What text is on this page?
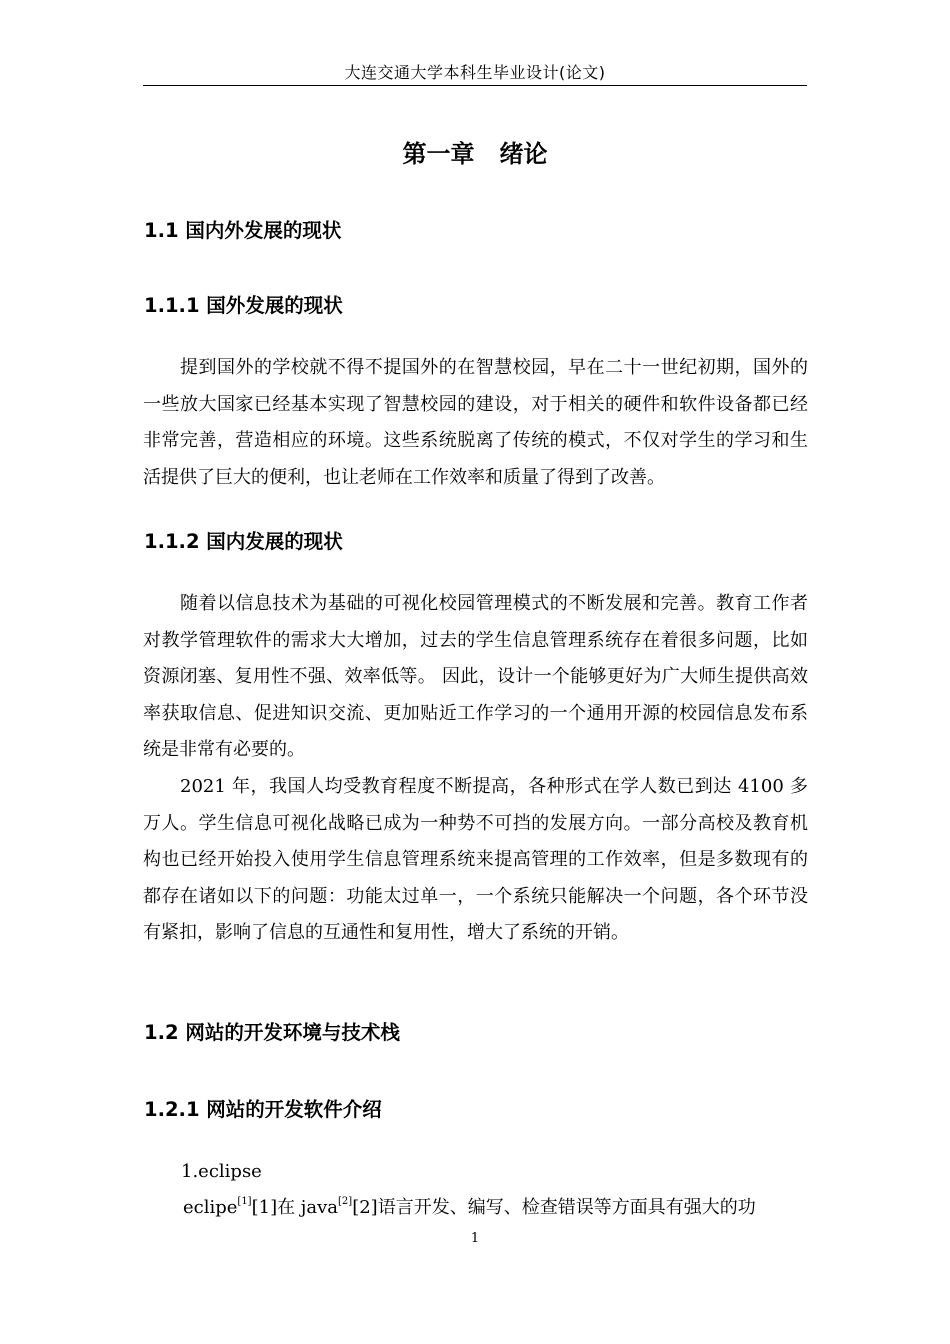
大连交通大学本科生毕业设计(论文)
第一章   绪论
1.1 国内外发展的现状
1.1.1 国外发展的现状

提到国外的学校就不得不提国外的在智慧校园，早在二十一世纪初期，国外的一些放大国家已经基本实现了智慧校园的建设，对于相关的硬件和软件设备都已经非常完善，营造相应的环境。这些系统脱离了传统的模式，不仅对学生的学习和生活提供了巨大的便利，也让老师在工作效率和质量了得到了改善。

1.1.2 国内发展的现状

随着以信息技术为基础的可视化校园管理模式的不断发展和完善。教育工作者对教学管理软件的需求大大增加，过去的学生信息管理系统存在着很多问题，比如资源闭塞、复用性不强、效率低等。 因此，设计一个能够更好为广大师生提供高效率获取信息、促进知识交流、更加贴近工作学习的一个通用开源的校园信息发布系统是非常有必要的。

2021 年，我国人均受教育程度不断提高，各种形式在学人数已到达 4100 多万人。学生信息可视化战略已成为一种势不可挡的发展方向。一部分高校及教育机构也已经开始投入使用学生信息管理系统来提高管理的工作效率，但是多数现有的都存在诸如以下的问题：功能太过单一，一个系统只能解决一个问题，各个环节没有紧扣，影响了信息的互通性和复用性，增大了系统的开销。

1.2 网站的开发环境与技术栈
1.2.1 网站的开发软件介绍
1.eclipse
eclipe[1][1]在 java[2][2]语言开发、编写、检查错误等方面具有强大的功
1
